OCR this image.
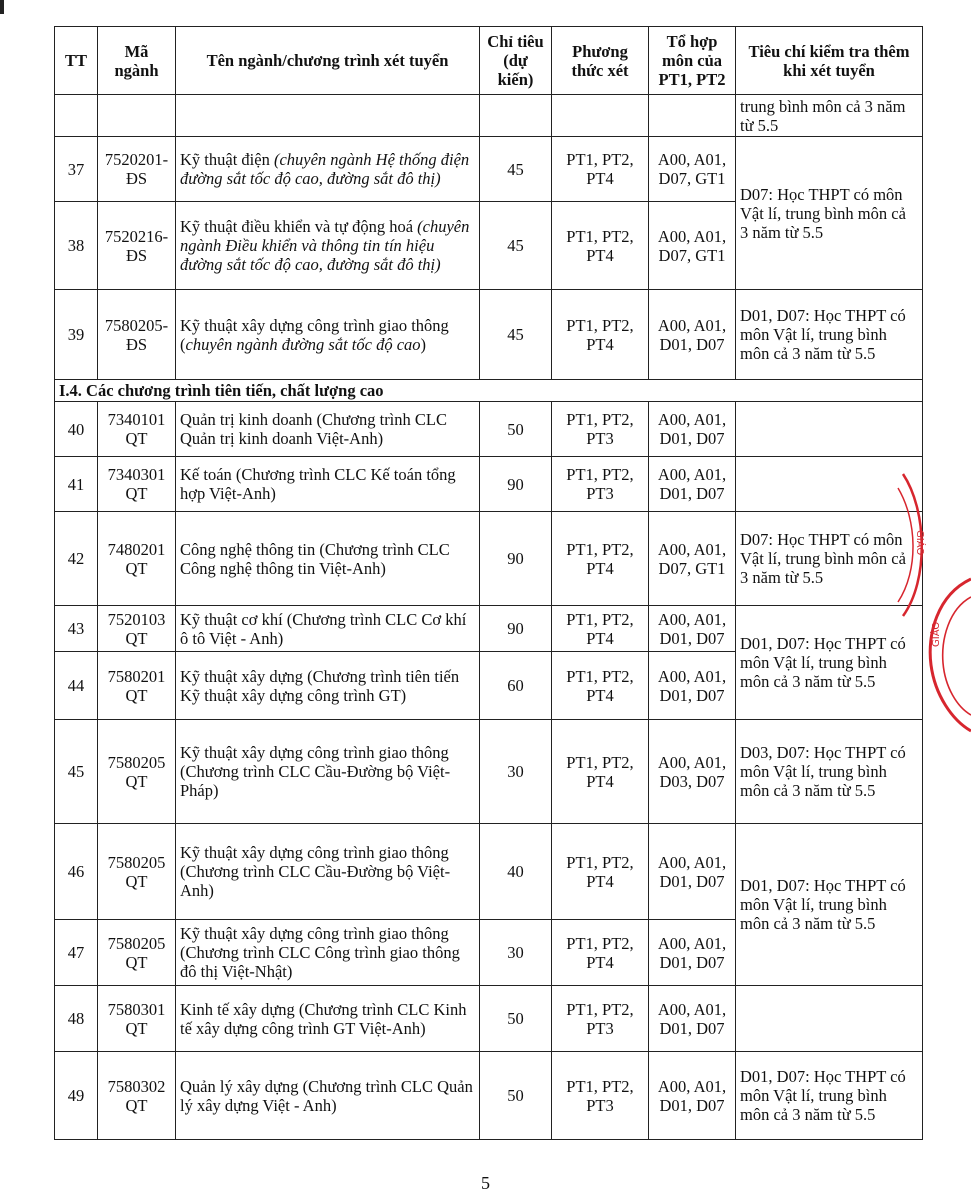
TT	Mã ngành	Tên ngành/chương trình xét tuyển	Chỉ tiêu (dự kiến)	Phương thức xét	Tổ hợp môn của PT1, PT2	Tiêu chí kiểm tra thêm khi xét tuyển
						trung bình môn cả 3 năm từ 5.5
37	7520201-ĐS	Kỹ thuật điện (chuyên ngành Hệ thống điện đường sắt tốc độ cao, đường sắt đô thị)	45	PT1, PT2, PT4	A00, A01, D07, GT1	D07: Học THPT có môn Vật lí, trung bình môn cả 3 năm từ 5.5
38	7520216-ĐS	Kỹ thuật điều khiển và tự động hoá (chuyên ngành Điều khiển và thông tin tín hiệu đường sắt tốc độ cao, đường sắt đô thị)	45	PT1, PT2, PT4	A00, A01, D07, GT1	
39	7580205-ĐS	Kỹ thuật xây dựng công trình giao thông (chuyên ngành đường sắt tốc độ cao)	45	PT1, PT2, PT4	A00, A01, D01, D07	D01, D07: Học THPT có môn Vật lí, trung bình môn cả 3 năm từ 5.5
I.4. Các chương trình tiên tiến, chất lượng cao						
40	7340101 QT	Quản trị kinh doanh (Chương trình CLC Quản trị kinh doanh Việt-Anh)	50	PT1, PT2, PT3	A00, A01, D01, D07	
41	7340301 QT	Kế toán (Chương trình CLC Kế toán tổng hợp Việt-Anh)	90	PT1, PT2, PT3	A00, A01, D01, D07	
42	7480201 QT	Công nghệ thông tin (Chương trình CLC Công nghệ thông tin Việt-Anh)	90	PT1, PT2, PT4	A00, A01, D07, GT1	D07: Học THPT có môn Vật lí, trung bình môn cả 3 năm từ 5.5
43	7520103 QT	Kỹ thuật cơ khí (Chương trình CLC Cơ khí ô tô Việt - Anh)	90	PT1, PT2, PT4	A00, A01, D01, D07	D01, D07: Học THPT có môn Vật lí, trung bình môn cả 3 năm từ 5.5
44	7580201 QT	Kỹ thuật xây dựng (Chương trình tiên tiến Kỹ thuật xây dựng công trình GT)	60	PT1, PT2, PT4	A00, A01, D01, D07	
45	7580205 QT	Kỹ thuật xây dựng công trình giao thông (Chương trình CLC Cầu-Đường bộ Việt-Pháp)	30	PT1, PT2, PT4	A00, A01, D03, D07	D03, D07: Học THPT có môn Vật lí, trung bình môn cả 3 năm từ 5.5
46	7580205 QT	Kỹ thuật xây dựng công trình giao thông (Chương trình CLC Cầu-Đường bộ Việt-Anh)	40	PT1, PT2, PT4	A00, A01, D01, D07	D01, D07: Học THPT có môn Vật lí, trung bình môn cả 3 năm từ 5.5
47	7580205 QT	Kỹ thuật xây dựng công trình giao thông (Chương trình CLC Công trình giao thông đô thị Việt-Nhật)	30	PT1, PT2, PT4	A00, A01, D01, D07	
48	7580301 QT	Kinh tế xây dựng (Chương trình CLC Kinh tế xây dựng công trình GT Việt-Anh)	50	PT1, PT2, PT3	A00, A01, D01, D07	
49	7580302 QT	Quản lý xây dựng (Chương trình CLC Quản lý xây dựng Việt - Anh)	50	PT1, PT2, PT3	A00, A01, D01, D07	D01, D07: Học THPT có môn Vật lí, trung bình môn cả 3 năm từ 5.5
GIÁO
GIÁO
5
